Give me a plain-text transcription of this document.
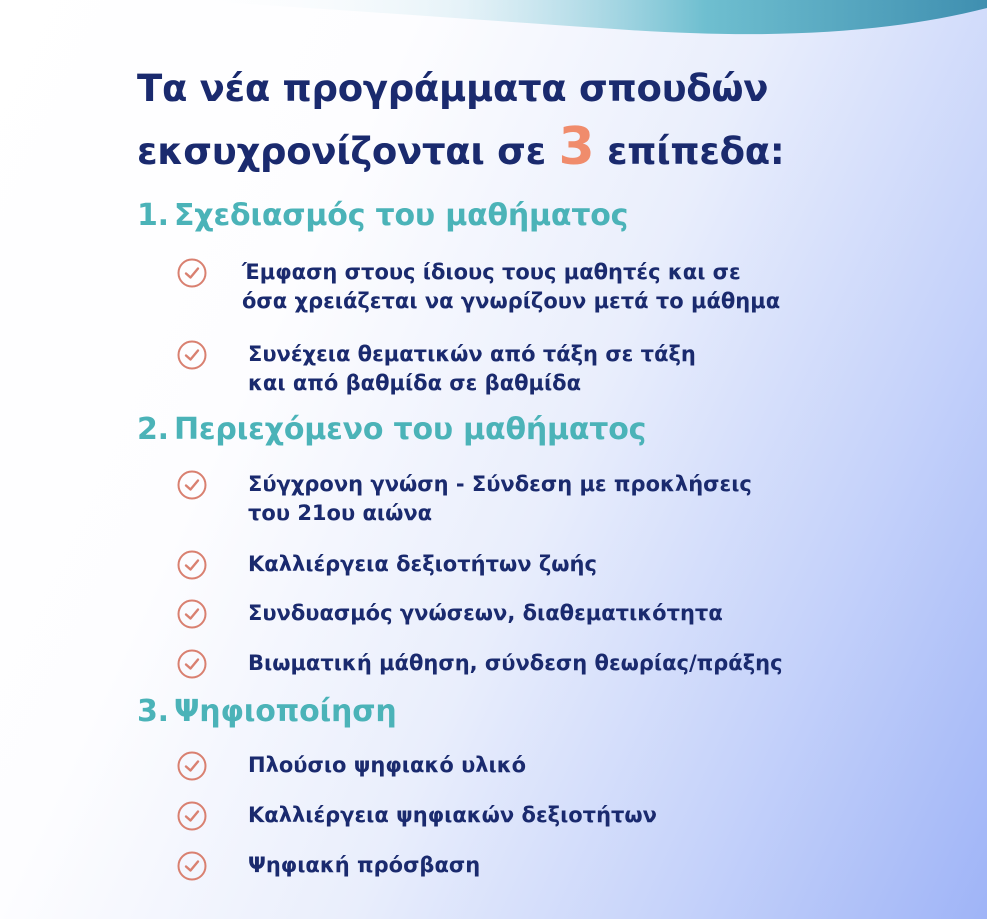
Τα νέα προγράμματα σπουδών
εκσυχρονίζονται σε 3 επίπεδα:
1. Σχεδιασμός του μαθήματος
Έμφαση στους ίδιους τους μαθητές και σε
όσα χρειάζεται να γνωρίζουν μετά το μάθημα
Συνέχεια θεματικών από τάξη σε τάξη
και από βαθμίδα σε βαθμίδα
2. Περιεχόμενο του μαθήματος
Σύγχρονη γνώση - Σύνδεση με προκλήσεις
του 21ου αιώνα
Καλλιέργεια δεξιοτήτων ζωής
Συνδυασμός γνώσεων, διαθεματικότητα
Βιωματική μάθηση, σύνδεση θεωρίας/πράξης
3. Ψηφιοποίηση
Πλούσιο ψηφιακό υλικό
Καλλιέργεια ψηφιακών δεξιοτήτων
Ψηφιακή πρόσβαση
